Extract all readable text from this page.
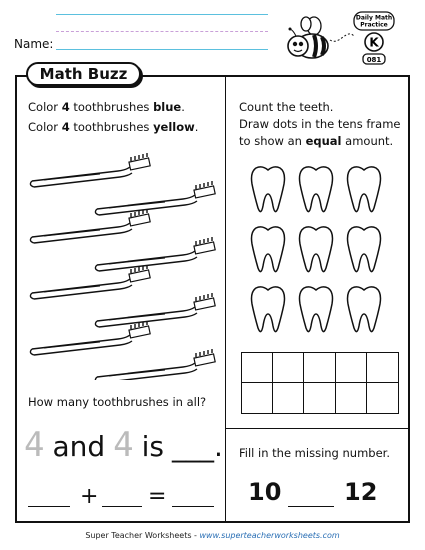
Name:
Daily Math
Practice
K
081
Math Buzz
Color 4 toothbrushes blue.
Color 4 toothbrushes yellow.
How many toothbrushes in all?
4 and 4 is ___.
+ =
Count the teeth.
Draw dots in the tens frame
to show an equal amount.
Fill in the missing number.
10	12
Super Teacher Worksheets - www.superteacherworksheets.com
